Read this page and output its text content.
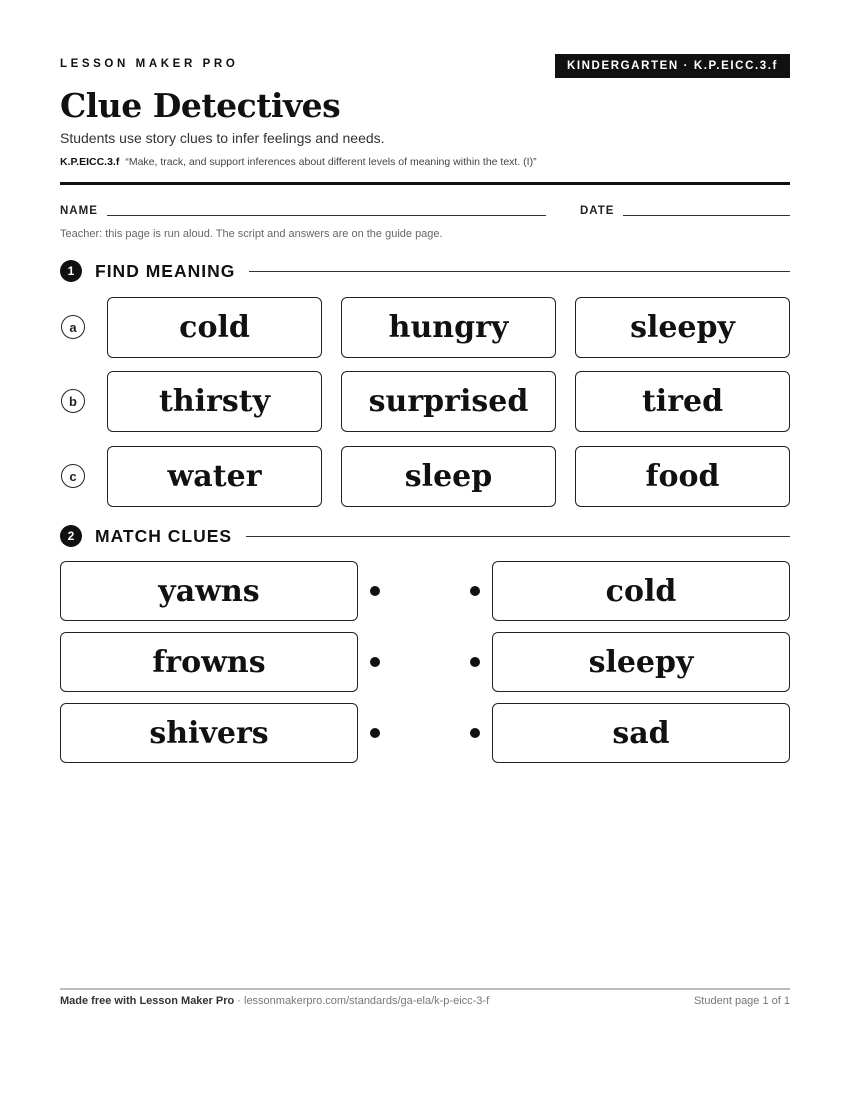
LESSON MAKER PRO	KINDERGARTEN · K.P.EICC.3.f
Clue Detectives
Students use story clues to infer feelings and needs.
K.P.EICC.3.f “Make, track, and support inferences about different levels of meaning within the text. (I)”
NAME	DATE
Teacher: this page is run aloud. The script and answers are on the guide page.
1	FIND MEANING
a	cold	hungry	sleepy
b	thirsty	surprised	tired
c	water	sleep	food
2	MATCH CLUES
yawns	cold
frowns	sleepy
shivers	sad
Made free with Lesson Maker Pro · lessonmakerpro.com/standards/ga-ela/k-p-eicc-3-f	Student page 1 of 1
